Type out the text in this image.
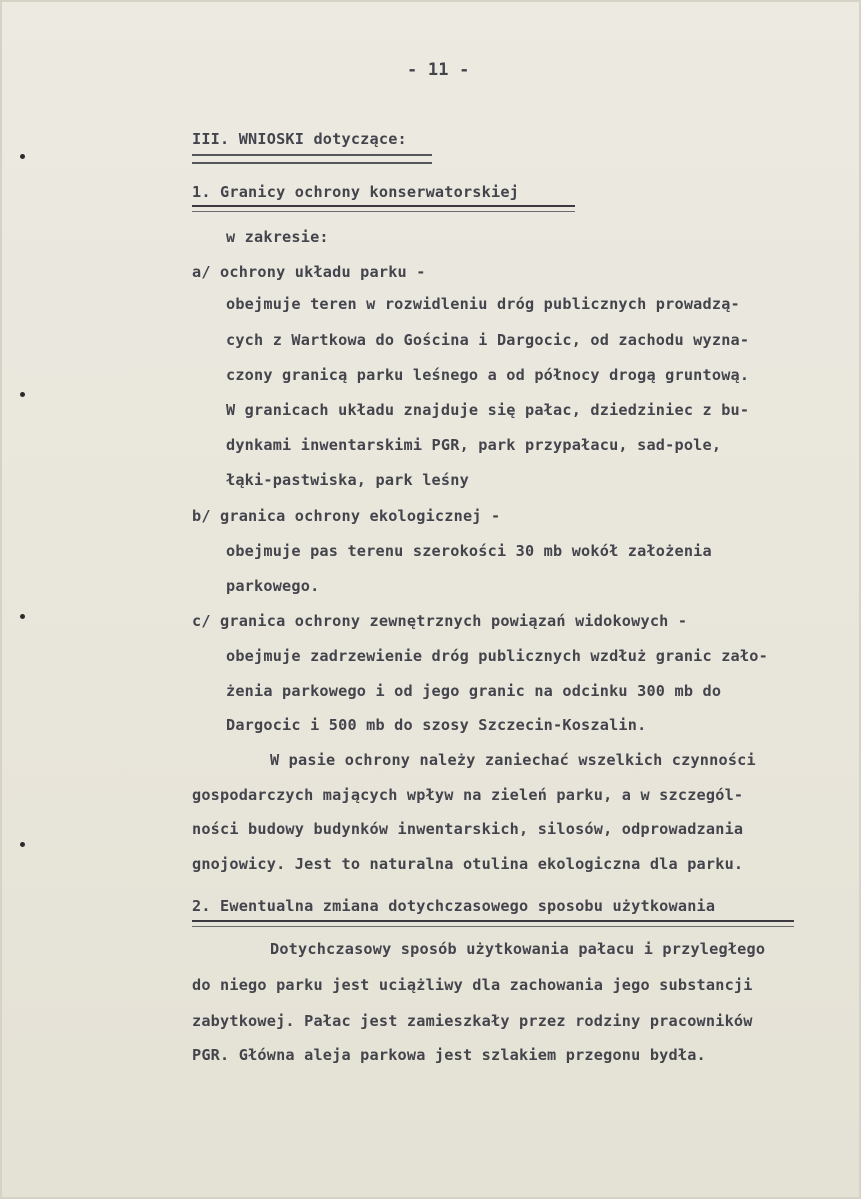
- 11 -
III. WNIOSKI dotyczące:
1. Granicy ochrony konserwatorskiej
w zakresie:
a/ ochrony układu parku -
obejmuje teren w rozwidleniu dróg publicznych prowadzą-
cych z Wartkowa do Gościna i Dargocic, od zachodu wyzna-
czony granicą parku leśnego a od północy drogą gruntową.
W granicach układu znajduje się pałac, dziedziniec z bu-
dynkami inwentarskimi PGR, park przypałacu, sad-pole,
łąki-pastwiska, park leśny
b/ granica ochrony ekologicznej -
obejmuje pas terenu szerokości 30 mb wokół założenia
parkowego.
c/ granica ochrony zewnętrznych powiązań widokowych -
obejmuje zadrzewienie dróg publicznych wzdłuż granic zało-
żenia parkowego i od jego granic na odcinku 300 mb do
Dargocic i 500 mb do szosy Szczecin-Koszalin.
W pasie ochrony należy zaniechać wszelkich czynności
gospodarczych mających wpływ na zieleń parku, a w szczegól-
ności budowy budynków inwentarskich, silosów, odprowadzania
gnojowicy. Jest to naturalna otulina ekologiczna dla parku.
2. Ewentualna zmiana dotychczasowego sposobu użytkowania
Dotychczasowy sposób użytkowania pałacu i przyległego
do niego parku jest uciążliwy dla zachowania jego substancji
zabytkowej. Pałac jest zamieszkały przez rodziny pracowników
PGR. Główna aleja parkowa jest szlakiem przegonu bydła.
